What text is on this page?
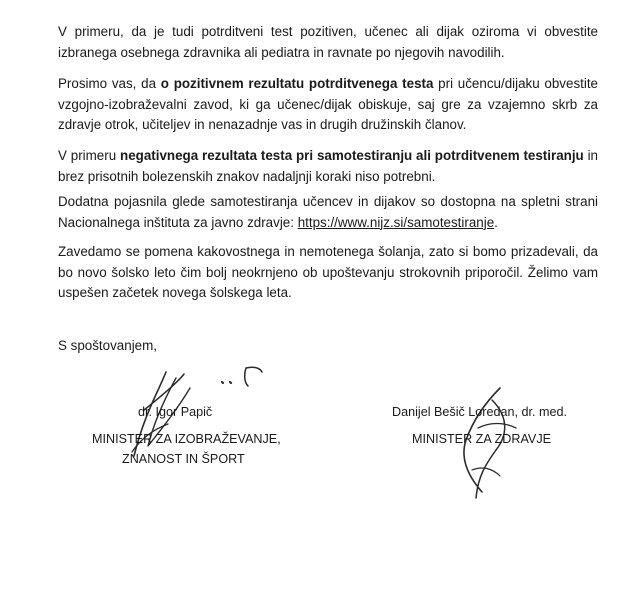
V primeru, da je tudi potrditveni test pozitiven, učenec ali dijak oziroma vi obvestite izbranega osebnega zdravnika ali pediatra in ravnate po njegovih navodilih.

Prosimo vas, da o pozitivnem rezultatu potrditvenega testa pri učencu/dijaku obvestite vzgojno-izobraževalni zavod, ki ga učenec/dijak obiskuje, saj gre za vzajemno skrb za zdravje otrok, učiteljev in nenazadnje vas in drugih družinskih članov.

V primeru negativnega rezultata testa pri samotestiranju ali potrditvenem testiranju in brez prisotnih bolezenskih znakov nadaljnji koraki niso potrebni.

Dodatna pojasnila glede samotestiranja učencev in dijakov so dostopna na spletni strani Nacionalnega inštituta za javno zdravje: https://www.nijz.si/samotestiranje.

Zavedamo se pomena kakovostnega in nemotenega šolanja, zato si bomo prizadevali, da bo novo šolsko leto čim bolj neokrnjeno ob upoštevanju strokovnih priporočil. Želimo vam uspešen začetek novega šolskega leta.

S spoštovanjem,
dr. Igor Papič
MINISTER ZA IZOBRAŽEVANJE,
ZNANOST IN ŠPORT
Danijel Bešič Loredan, dr. med.
MINISTER ZA ZDRAVJE
